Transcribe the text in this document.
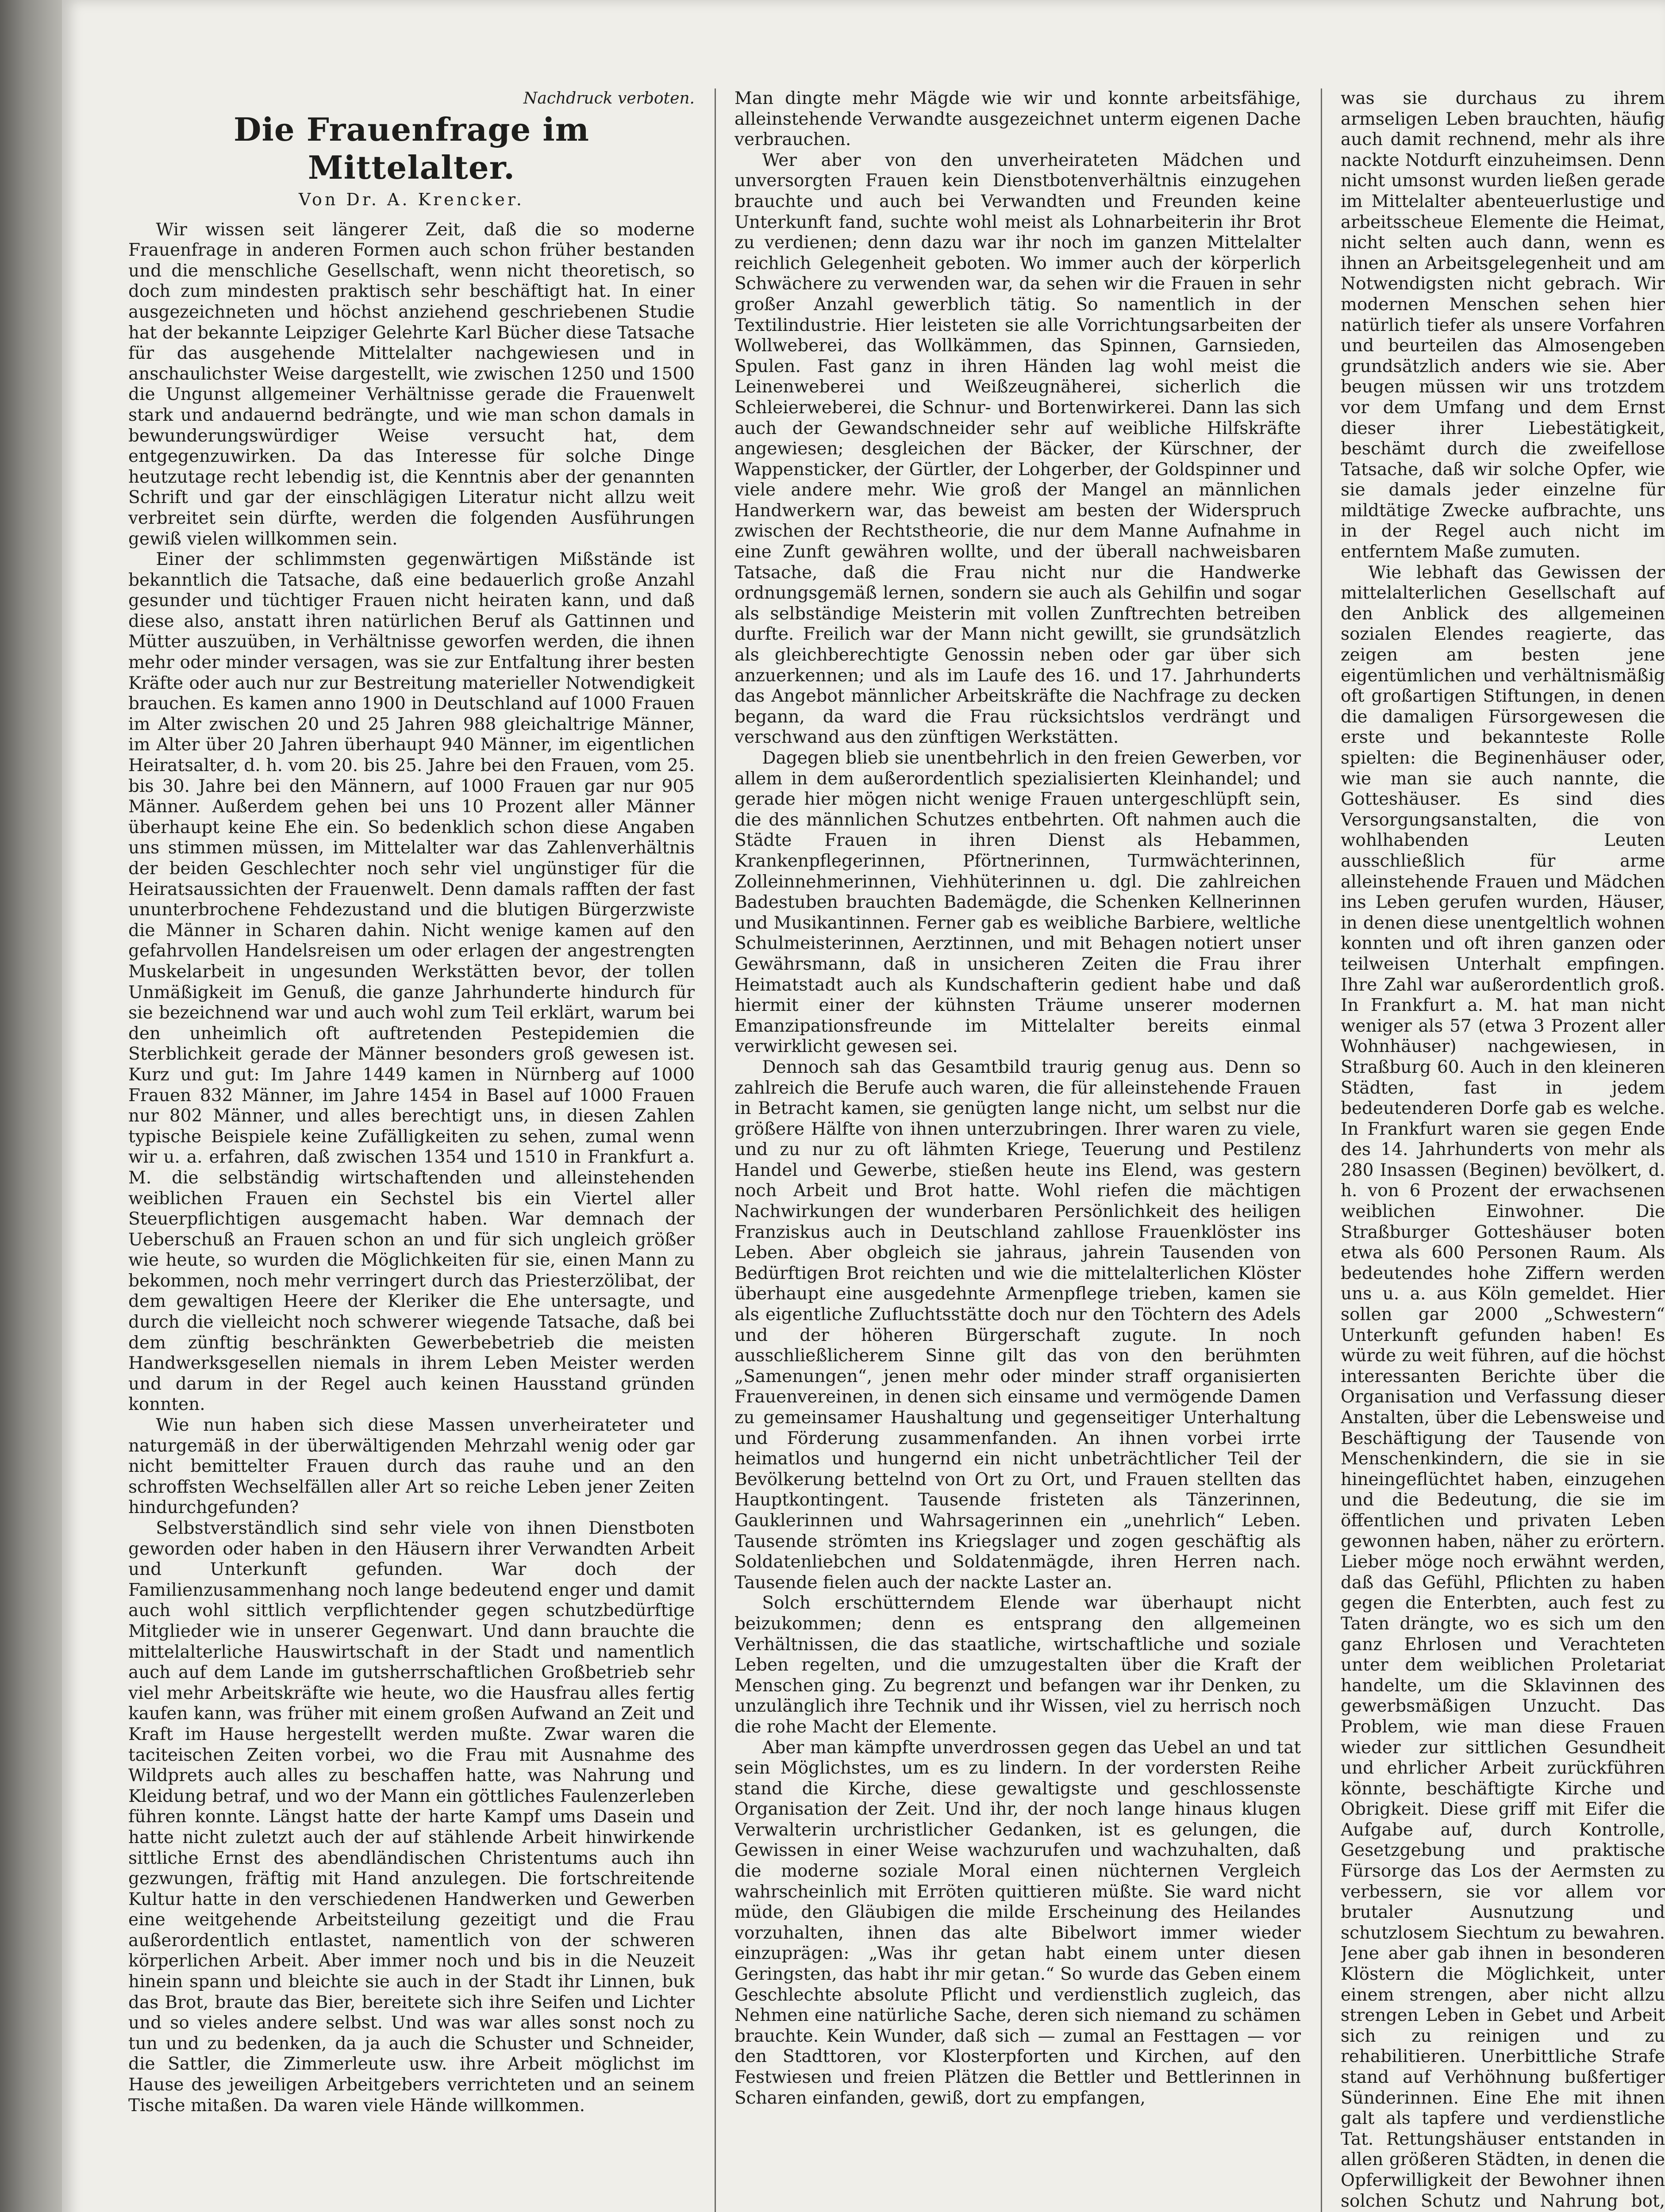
Nachdruck verboten.
Die Frauenfrage im Mittelalter.
Von Dr. A. Krencker.

Wir wissen seit längerer Zeit, daß die so moderne Frauenfrage in anderen Formen auch schon früher bestanden und die menschliche Gesellschaft, wenn nicht theoretisch, so doch zum mindesten praktisch sehr beschäftigt hat. In einer ausgezeichneten und höchst anziehend geschriebenen Studie hat der bekannte Leipziger Gelehrte Karl Bücher diese Tatsache für das ausgehende Mittelalter nachgewiesen und in anschaulichster Weise dargestellt, wie zwischen 1250 und 1500 die Ungunst allgemeiner Verhältnisse gerade die Frauenwelt stark und andauernd bedrängte, und wie man schon damals in bewunderungswürdiger Weise versucht hat, dem entgegenzuwirken. Da das Interesse für solche Dinge heutzutage recht lebendig ist, die Kenntnis aber der genannten Schrift und gar der einschlägigen Literatur nicht allzu weit verbreitet sein dürfte, werden die folgenden Ausführungen gewiß vielen willkommen sein.

Einer der schlimmsten gegenwärtigen Mißstände ist bekanntlich die Tatsache, daß eine bedauerlich große Anzahl gesunder und tüchtiger Frauen nicht heiraten kann, und daß diese also, anstatt ihren natürlichen Beruf als Gattinnen und Mütter auszuüben, in Verhältnisse geworfen werden, die ihnen mehr oder minder versagen, was sie zur Entfaltung ihrer besten Kräfte oder auch nur zur Bestreitung materieller Notwendigkeit brauchen. Es kamen anno 1900 in Deutschland auf 1000 Frauen im Alter zwischen 20 und 25 Jahren 988 gleichaltrige Männer, im Alter über 20 Jahren überhaupt 940 Männer, im eigentlichen Heiratsalter, d. h. vom 20. bis 25. Jahre bei den Frauen, vom 25. bis 30. Jahre bei den Männern, auf 1000 Frauen gar nur 905 Männer. Außerdem gehen bei uns 10 Prozent aller Männer überhaupt keine Ehe ein. So bedenklich schon diese Angaben uns stimmen müssen, im Mittelalter war das Zahlenverhältnis der beiden Geschlechter noch sehr viel ungünstiger für die Heiratsaussichten der Frauenwelt. Denn damals rafften der fast ununterbrochene Fehdezustand und die blutigen Bürgerzwiste die Männer in Scharen dahin. Nicht wenige kamen auf den gefahrvollen Handelsreisen um oder erlagen der angestrengten Muskelarbeit in ungesunden Werkstätten bevor, der tollen Unmäßigkeit im Genuß, die ganze Jahrhunderte hindurch für sie bezeichnend war und auch wohl zum Teil erklärt, warum bei den unheimlich oft auftretenden Pestepidemien die Sterblichkeit gerade der Männer besonders groß gewesen ist. Kurz und gut: Im Jahre 1449 kamen in Nürnberg auf 1000 Frauen 832 Männer, im Jahre 1454 in Basel auf 1000 Frauen nur 802 Männer, und alles berechtigt uns, in diesen Zahlen typische Beispiele keine Zufälligkeiten zu sehen, zumal wenn wir u. a. erfahren, daß zwischen 1354 und 1510 in Frankfurt a. M. die selbständig wirtschaftenden und alleinstehenden weiblichen Frauen ein Sechstel bis ein Viertel aller Steuerpflichtigen ausgemacht haben. War demnach der Ueberschuß an Frauen schon an und für sich ungleich größer wie heute, so wurden die Möglichkeiten für sie, einen Mann zu bekommen, noch mehr verringert durch das Priesterzölibat, der dem gewaltigen Heere der Kleriker die Ehe untersagte, und durch die vielleicht noch schwerer wiegende Tatsache, daß bei dem zünftig beschränkten Gewerbebetrieb die meisten Handwerksgesellen niemals in ihrem Leben Meister werden und darum in der Regel auch keinen Hausstand gründen konnten.

Wie nun haben sich diese Massen unverheirateter und naturgemäß in der überwältigenden Mehrzahl wenig oder gar nicht bemittelter Frauen durch das rauhe und an den schroffsten Wechselfällen aller Art so reiche Leben jener Zeiten hindurchgefunden?

Selbstverständlich sind sehr viele von ihnen Dienstboten geworden oder haben in den Häusern ihrer Verwandten Arbeit und Unterkunft gefunden. War doch der Familienzusammenhang noch lange bedeutend enger und damit auch wohl sittlich verpflichtender gegen schutzbedürftige Mitglieder wie in unserer Gegenwart. Und dann brauchte die mittelalterliche Hauswirtschaft in der Stadt und namentlich auch auf dem Lande im gutsherrschaftlichen Großbetrieb sehr viel mehr Arbeitskräfte wie heute, wo die Hausfrau alles fertig kaufen kann, was früher mit einem großen Aufwand an Zeit und Kraft im Hause hergestellt werden mußte. Zwar waren die taciteischen Zeiten vorbei, wo die Frau mit Ausnahme des Wildprets auch alles zu beschaffen hatte, was Nahrung und Kleidung betraf, und wo der Mann ein göttliches Faulenzerleben führen konnte. Längst hatte der harte Kampf ums Dasein und hatte nicht zuletzt auch der auf stählende Arbeit hinwirkende sittliche Ernst des abendländischen Christentums auch ihn gezwungen, fräftig mit Hand anzulegen. Die fortschreitende Kultur hatte in den verschiedenen Handwerken und Gewerben eine weitgehende Arbeitsteilung gezeitigt und die Frau außerordentlich entlastet, namentlich von der schweren körperlichen Arbeit. Aber immer noch und bis in die Neuzeit hinein spann und bleichte sie auch in der Stadt ihr Linnen, buk das Brot, braute das Bier, bereitete sich ihre Seifen und Lichter und so vieles andere selbst. Und was war alles sonst noch zu tun und zu bedenken, da ja auch die Schuster und Schneider, die Sattler, die Zimmerleute usw. ihre Arbeit möglichst im Hause des jeweiligen Arbeitgebers verrichteten und an seinem Tische mitaßen. Da waren viele Hände willkommen.

Man dingte mehr Mägde wie wir und konnte arbeitsfähige, alleinstehende Verwandte ausgezeichnet unterm eigenen Dache verbrauchen.

Wer aber von den unverheirateten Mädchen und unversorgten Frauen kein Dienstbotenverhältnis einzugehen brauchte und auch bei Verwandten und Freunden keine Unterkunft fand, suchte wohl meist als Lohnarbeiterin ihr Brot zu verdienen; denn dazu war ihr noch im ganzen Mittelalter reichlich Gelegenheit geboten. Wo immer auch der körperlich Schwächere zu verwenden war, da sehen wir die Frauen in sehr großer Anzahl gewerblich tätig. So namentlich in der Textilindustrie. Hier leisteten sie alle Vorrichtungsarbeiten der Wollweberei, das Wollkämmen, das Spinnen, Garnsieden, Spulen. Fast ganz in ihren Händen lag wohl meist die Leinenweberei und Weißzeugnäherei, sicherlich die Schleierweberei, die Schnur- und Bortenwirkerei. Dann las sich auch der Gewandschneider sehr auf weibliche Hilfskräfte angewiesen; desgleichen der Bäcker, der Kürschner, der Wappensticker, der Gürtler, der Lohgerber, der Goldspinner und viele andere mehr. Wie groß der Mangel an männlichen Handwerkern war, das beweist am besten der Widerspruch zwischen der Rechtstheorie, die nur dem Manne Aufnahme in eine Zunft gewähren wollte, und der überall nachweisbaren Tatsache, daß die Frau nicht nur die Handwerke ordnungsgemäß lernen, sondern sie auch als Gehilfin und sogar als selbständige Meisterin mit vollen Zunftrechten betreiben durfte. Freilich war der Mann nicht gewillt, sie grundsätzlich als gleichberechtigte Genossin neben oder gar über sich anzuerkennen; und als im Laufe des 16. und 17. Jahrhunderts das Angebot männlicher Arbeitskräfte die Nachfrage zu decken begann, da ward die Frau rücksichtslos verdrängt und verschwand aus den zünftigen Werkstätten.

Dagegen blieb sie unentbehrlich in den freien Gewerben, vor allem in dem außerordentlich spezialisierten Kleinhandel; und gerade hier mögen nicht wenige Frauen untergeschlüpft sein, die des männlichen Schutzes entbehrten. Oft nahmen auch die Städte Frauen in ihren Dienst als Hebammen, Krankenpflegerinnen, Pförtnerinnen, Turmwächterinnen, Zolleinnehmerinnen, Viehhüterinnen u. dgl. Die zahlreichen Badestuben brauchten Bademägde, die Schenken Kellnerinnen und Musikantinnen. Ferner gab es weibliche Barbiere, weltliche Schulmeisterinnen, Aerztinnen, und mit Behagen notiert unser Gewährsmann, daß in unsicheren Zeiten die Frau ihrer Heimatstadt auch als Kundschafterin gedient habe und daß hiermit einer der kühnsten Träume unserer modernen Emanzipationsfreunde im Mittelalter bereits einmal verwirklicht gewesen sei.

Dennoch sah das Gesamtbild traurig genug aus. Denn so zahlreich die Berufe auch waren, die für alleinstehende Frauen in Betracht kamen, sie genügten lange nicht, um selbst nur die größere Hälfte von ihnen unterzubringen. Ihrer waren zu viele, und zu nur zu oft lähmten Kriege, Teuerung und Pestilenz Handel und Gewerbe, stießen heute ins Elend, was gestern noch Arbeit und Brot hatte. Wohl riefen die mächtigen Nachwirkungen der wunderbaren Persönlichkeit des heiligen Franziskus auch in Deutschland zahllose Frauenklöster ins Leben. Aber obgleich sie jahraus, jahrein Tausenden von Bedürftigen Brot reichten und wie die mittelalterlichen Klöster überhaupt eine ausgedehnte Armenpflege trieben, kamen sie als eigentliche Zufluchtsstätte doch nur den Töchtern des Adels und der höheren Bürgerschaft zugute. In noch ausschließlicherem Sinne gilt das von den berühmten „Samenungen“, jenen mehr oder minder straff organisierten Frauenvereinen, in denen sich einsame und vermögende Damen zu gemeinsamer Haushaltung und gegenseitiger Unterhaltung und Förderung zusammenfanden. An ihnen vorbei irrte heimatlos und hungernd ein nicht unbeträchtlicher Teil der Bevölkerung bettelnd von Ort zu Ort, und Frauen stellten das Hauptkontingent. Tausende fristeten als Tänzerinnen, Gauklerinnen und Wahrsagerinnen ein „unehrlich“ Leben. Tausende strömten ins Kriegslager und zogen geschäftig als Soldatenliebchen und Soldatenmägde, ihren Herren nach. Tausende fielen auch der nackte Laster an.

Solch erschütterndem Elende war überhaupt nicht beizukommen; denn es entsprang den allgemeinen Verhältnissen, die das staatliche, wirtschaftliche und soziale Leben regelten, und die umzugestalten über die Kraft der Menschen ging. Zu begrenzt und befangen war ihr Denken, zu unzulänglich ihre Technik und ihr Wissen, viel zu herrisch noch die rohe Macht der Elemente.

Aber man kämpfte unverdrossen gegen das Uebel an und tat sein Möglichstes, um es zu lindern. In der vordersten Reihe stand die Kirche, diese gewaltigste und geschlossenste Organisation der Zeit. Und ihr, der noch lange hinaus klugen Verwalterin urchristlicher Gedanken, ist es gelungen, die Gewissen in einer Weise wachzurufen und wachzuhalten, daß die moderne soziale Moral einen nüchternen Vergleich wahrscheinlich mit Erröten quittieren müßte. Sie ward nicht müde, den Gläubigen die milde Erscheinung des Heilandes vorzuhalten, ihnen das alte Bibelwort immer wieder einzuprägen: „Was ihr getan habt einem unter diesen Geringsten, das habt ihr mir getan.“ So wurde das Geben einem Geschlechte absolute Pflicht und verdienstlich zugleich, das Nehmen eine natürliche Sache, deren sich niemand zu schämen brauchte. Kein Wunder, daß sich — zumal an Festtagen — vor den Stadttoren, vor Klosterpforten und Kirchen, auf den Festwiesen und freien Plätzen die Bettler und Bettlerinnen in Scharen einfanden, gewiß, dort zu empfangen,

was sie durchaus zu ihrem armseligen Leben brauchten, häufig auch damit rechnend, mehr als ihre nackte Notdurft einzuheimsen. Denn nicht umsonst wurden ließen gerade im Mittelalter abenteuerlustige und arbeitsscheue Elemente die Heimat, nicht selten auch dann, wenn es ihnen an Arbeitsgelegenheit und am Notwendigsten nicht gebrach. Wir modernen Menschen sehen hier natürlich tiefer als unsere Vorfahren und beurteilen das Almosengeben grundsätzlich anders wie sie. Aber beugen müssen wir uns trotzdem vor dem Umfang und dem Ernst dieser ihrer Liebestätigkeit, beschämt durch die zweifellose Tatsache, daß wir solche Opfer, wie sie damals jeder einzelne für mildtätige Zwecke aufbrachte, uns in der Regel auch nicht im entferntem Maße zumuten.

Wie lebhaft das Gewissen der mittelalterlichen Gesellschaft auf den Anblick des allgemeinen sozialen Elendes reagierte, das zeigen am besten jene eigentümlichen und verhältnismäßig oft großartigen Stiftungen, in denen die damaligen Fürsorgewesen die erste und bekannteste Rolle spielten: die Beginenhäuser oder, wie man sie auch nannte, die Gotteshäuser. Es sind dies Versorgungsanstalten, die von wohlhabenden Leuten ausschließlich für arme alleinstehende Frauen und Mädchen ins Leben gerufen wurden, Häuser, in denen diese unentgeltlich wohnen konnten und oft ihren ganzen oder teilweisen Unterhalt empfingen. Ihre Zahl war außerordentlich groß. In Frankfurt a. M. hat man nicht weniger als 57 (etwa 3 Prozent aller Wohnhäuser) nachgewiesen, in Straßburg 60. Auch in den kleineren Städten, fast in jedem bedeutenderen Dorfe gab es welche. In Frankfurt waren sie gegen Ende des 14. Jahrhunderts von mehr als 280 Insassen (Beginen) bevölkert, d. h. von 6 Prozent der erwachsenen weiblichen Einwohner. Die Straßburger Gotteshäuser boten etwa als 600 Personen Raum. Als bedeutendes hohe Ziffern werden uns u. a. aus Köln gemeldet. Hier sollen gar 2000 „Schwestern“ Unterkunft gefunden haben! Es würde zu weit führen, auf die höchst interessanten Berichte über die Organisation und Verfassung dieser Anstalten, über die Lebensweise und Beschäftigung der Tausende von Menschenkindern, die sie in sie hineingeflüchtet haben, einzugehen und die Bedeutung, die sie im öffentlichen und privaten Leben gewonnen haben, näher zu erörtern. Lieber möge noch erwähnt werden, daß das Gefühl, Pflichten zu haben gegen die Enterbten, auch fest zu Taten drängte, wo es sich um den ganz Ehrlosen und Verachteten unter dem weiblichen Proletariat handelte, um die Sklavinnen des gewerbsmäßigen Unzucht. Das Problem, wie man diese Frauen wieder zur sittlichen Gesundheit und ehrlicher Arbeit zurückführen könnte, beschäftigte Kirche und Obrigkeit. Diese griff mit Eifer die Aufgabe auf, durch Kontrolle, Gesetzgebung und praktische Fürsorge das Los der Aermsten zu verbessern, sie vor allem vor brutaler Ausnutzung und schutzlosem Siechtum zu bewahren. Jene aber gab ihnen in besonderen Klöstern die Möglichkeit, unter einem strengen, aber nicht allzu strengen Leben in Gebet und Arbeit sich zu reinigen und zu rehabilitieren. Unerbittliche Strafe stand auf Verhöhnung bußfertiger Sünderinnen. Eine Ehe mit ihnen galt als tapfere und verdienstliche Tat. Rettungshäuser entstanden in allen größeren Städten, in denen die Opferwilligkeit der Bewohner ihnen solchen Schutz und Nahrung bot,
